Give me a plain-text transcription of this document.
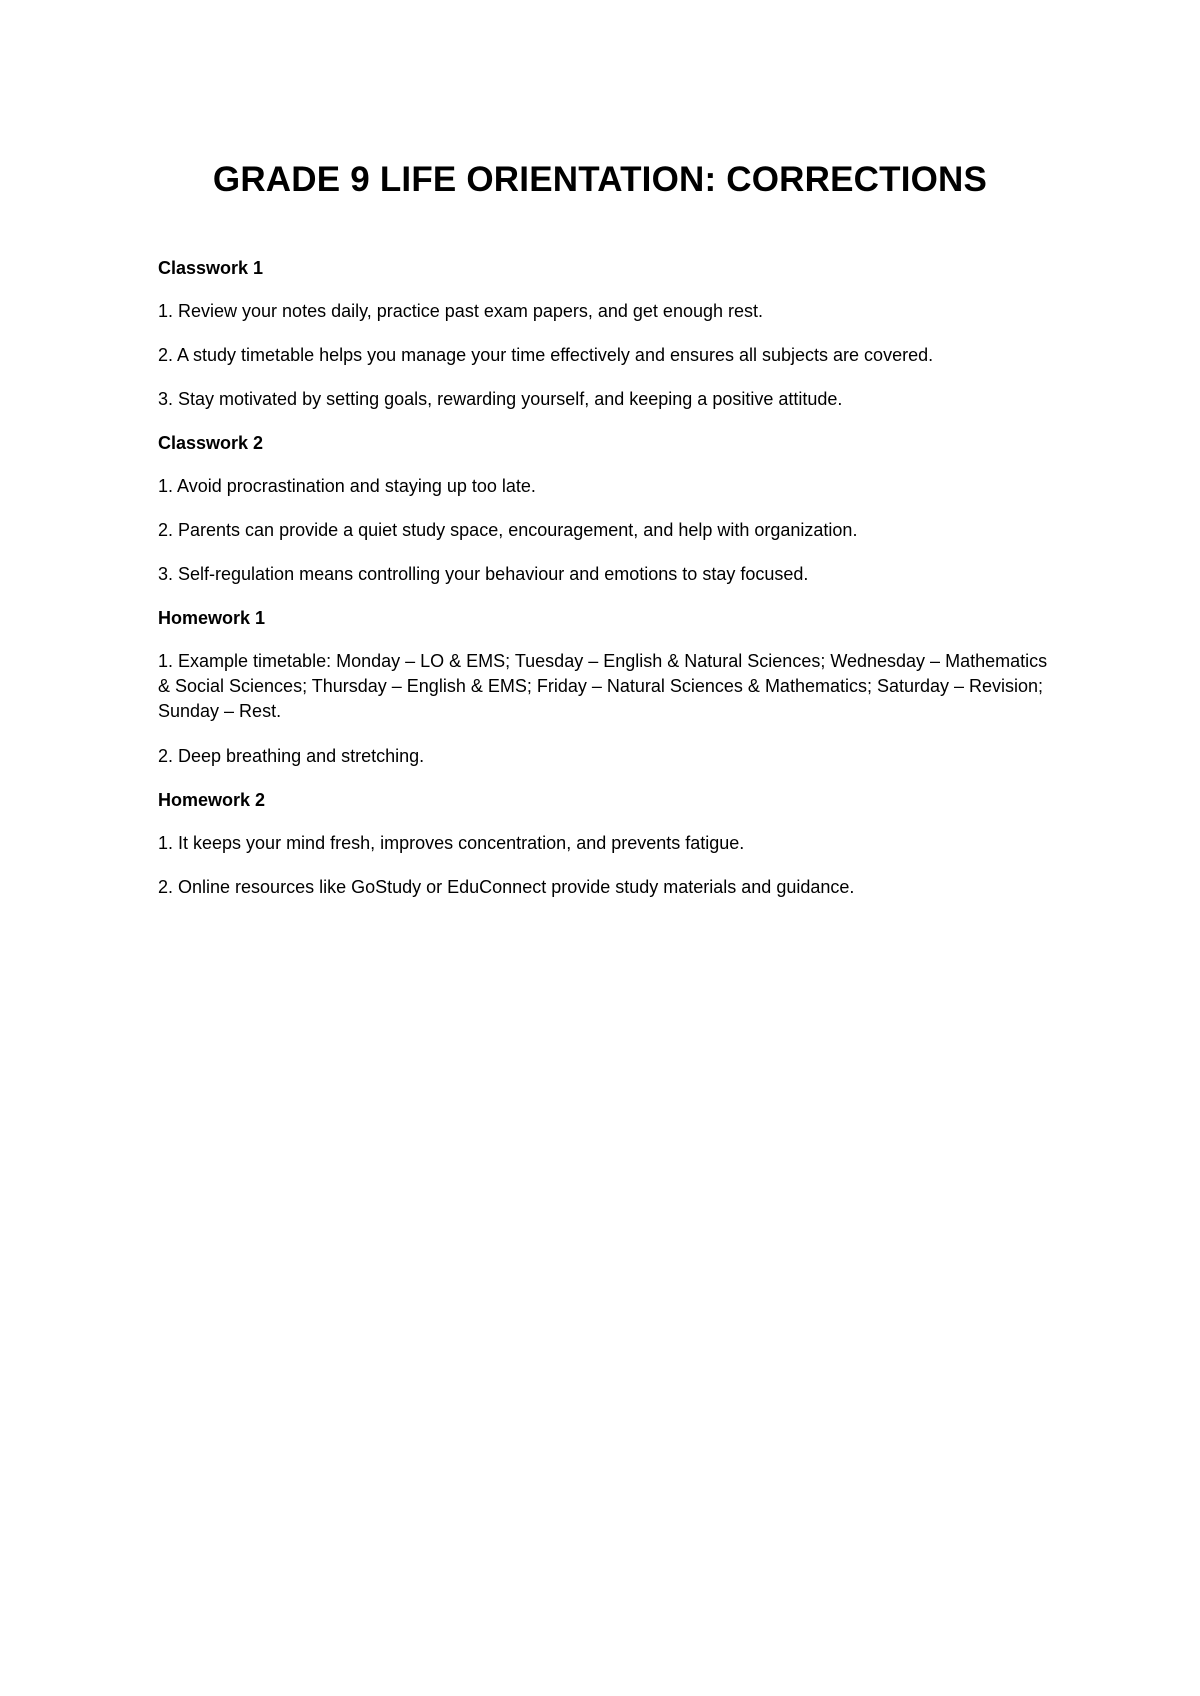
GRADE 9 LIFE ORIENTATION: CORRECTIONS
Classwork 1

1. Review your notes daily, practice past exam papers, and get enough rest.

2. A study timetable helps you manage your time effectively and ensures all subjects are covered.

3. Stay motivated by setting goals, rewarding yourself, and keeping a positive attitude.

Classwork 2

1. Avoid procrastination and staying up too late.

2. Parents can provide a quiet study space, encouragement, and help with organization.

3. Self-regulation means controlling your behaviour and emotions to stay focused.

Homework 1

1. Example timetable: Monday – LO & EMS; Tuesday – English & Natural Sciences; Wednesday – Mathematics & Social Sciences; Thursday – English & EMS; Friday – Natural Sciences & Mathematics; Saturday – Revision; Sunday – Rest.

2. Deep breathing and stretching.

Homework 2

1. It keeps your mind fresh, improves concentration, and prevents fatigue.

2. Online resources like GoStudy or EduConnect provide study materials and guidance.
